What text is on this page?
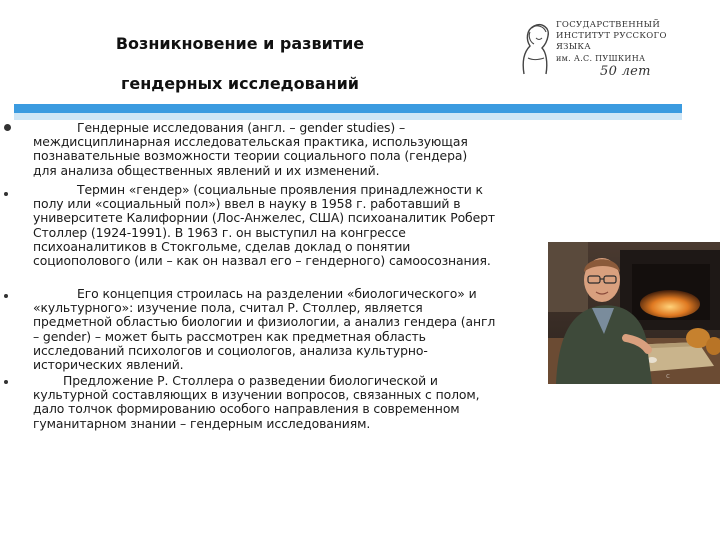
Возникновение и развитие
гендерных исследований
ГОСУДАРСТВЕННЫЙ
ИНСТИТУТ РУССКОГО ЯЗЫКА
им. А.С. ПУШКИНА
50 лет

Гендерные исследования (англ. – gender studies) –
междисциплинарная исследовательская практика, использующая
познавательные возможности теории социального пола (гендера)
для анализа общественных явлений и их изменений.

Термин «гендер» (социальные проявления принадлежности к
полу или «социальный пол») ввел в науку в 1958 г. работавший в
университете Калифорнии (Лос-Анжелес, США) психоаналитик Роберт
Столлер (1924-1991). В 1963 г. он выступил на конгрессе
психоаналитиков в Стокгольме, сделав доклад о понятии
социополового (или – как он назвал его – гендерного) самоосознания.

Его концепция строилась на разделении «биологического» и
«культурного»: изучение пола, считал Р. Столлер, является
предметной областью биологии и физиологии, а анализ гендера (англ
– gender) – может быть рассмотрен как предметная область
исследований психологов и социологов, анализа культурно-
исторических явлений.

Предложение Р. Столлера о разведении биологической и
культурной составляющих в изучении вопросов, связанных с полом,
дало толчок формированию особого направления в современном
гуманитарном знании – гендерным исследованиям.

c
